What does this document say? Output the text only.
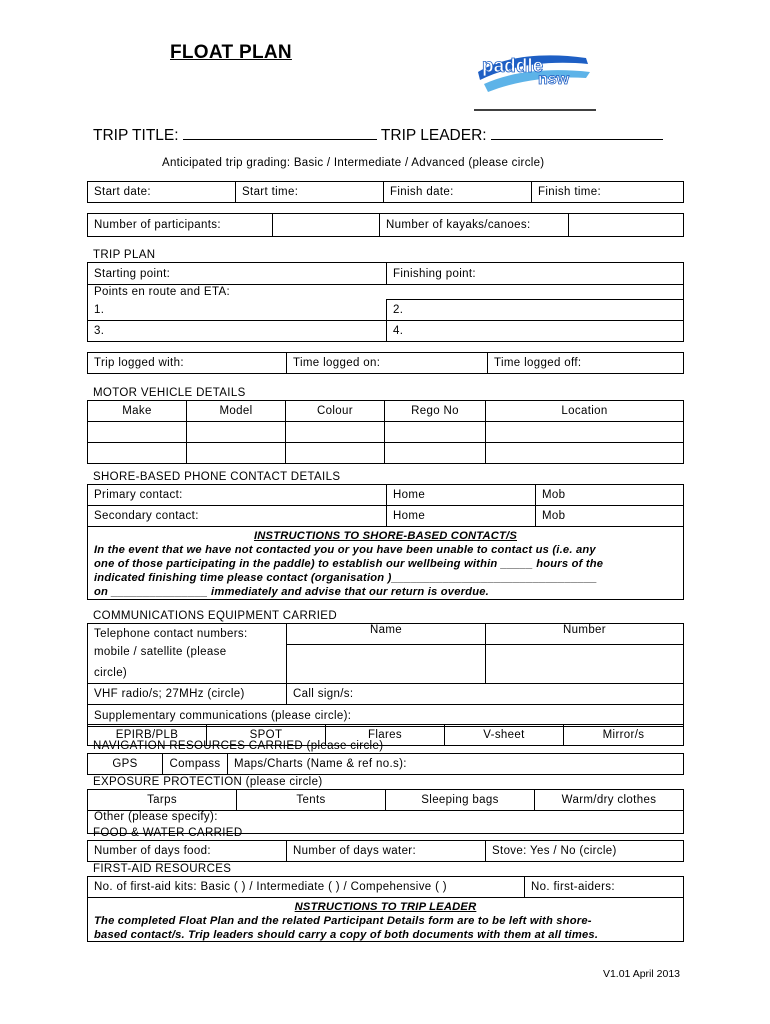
FLOAT PLAN
paddle
nsw
TRIP TITLE:	TRIP LEADER:
Anticipated trip grading: Basic / Intermediate / Advanced (please circle)
Start date:	Start time:	Finish date:	Finish time:
Number of participants:		Number of kayaks/canoes:	
TRIP PLAN
Starting point:	Finishing point:
Points en route and ETA:	
1.	2.
3.	4.
Trip logged with:	Time logged on:	Time logged off:
MOTOR VEHICLE DETAILS
Make	Model	Colour	Rego No	Location

SHORE-BASED PHONE CONTACT DETAILS
Primary contact:	Home	Mob
Secondary contact:	Home	Mob
INSTRUCTIONS TO SHORE-BASED CONTACT/S
In the event that we have not contacted you or you have been unable to contact us (i.e. any
one of those participating in the paddle) to establish our wellbeing within _____ hours of the
indicated finishing time please contact (organisation )________________________________
on _______________ immediately and advise that our return is overdue.
COMMUNICATIONS EQUIPMENT CARRIED
Telephone contact numbers:
mobile / satellite (please
circle)	Name	Number

VHF radio/s; 27MHz (circle)	Call sign/s:	
Supplementary communications (please circle):		
EPIRB/PLB	SPOT	Flares	V-sheet	Mirror/s
NAVIGATION RESOURCES CARRIED (please circle)
GPS	Compass	Maps/Charts (Name & ref no.s):
EXPOSURE PROTECTION (please circle)
Tarps	Tents	Sleeping bags	Warm/dry clothes
Other (please specify):
FOOD & WATER CARRIED
Number of days food:	Number of days water:	Stove: Yes / No (circle)
FIRST-AID RESOURCES
No. of first-aid kits: Basic ( ) / Intermediate ( ) / Compehensive ( )	No. first-aiders:
NSTRUCTIONS TO TRIP LEADER
The completed Float Plan and the related Participant Details form are to be left with shore-
based contact/s. Trip leaders should carry a copy of both documents with them at all times.
V1.01 April 2013
